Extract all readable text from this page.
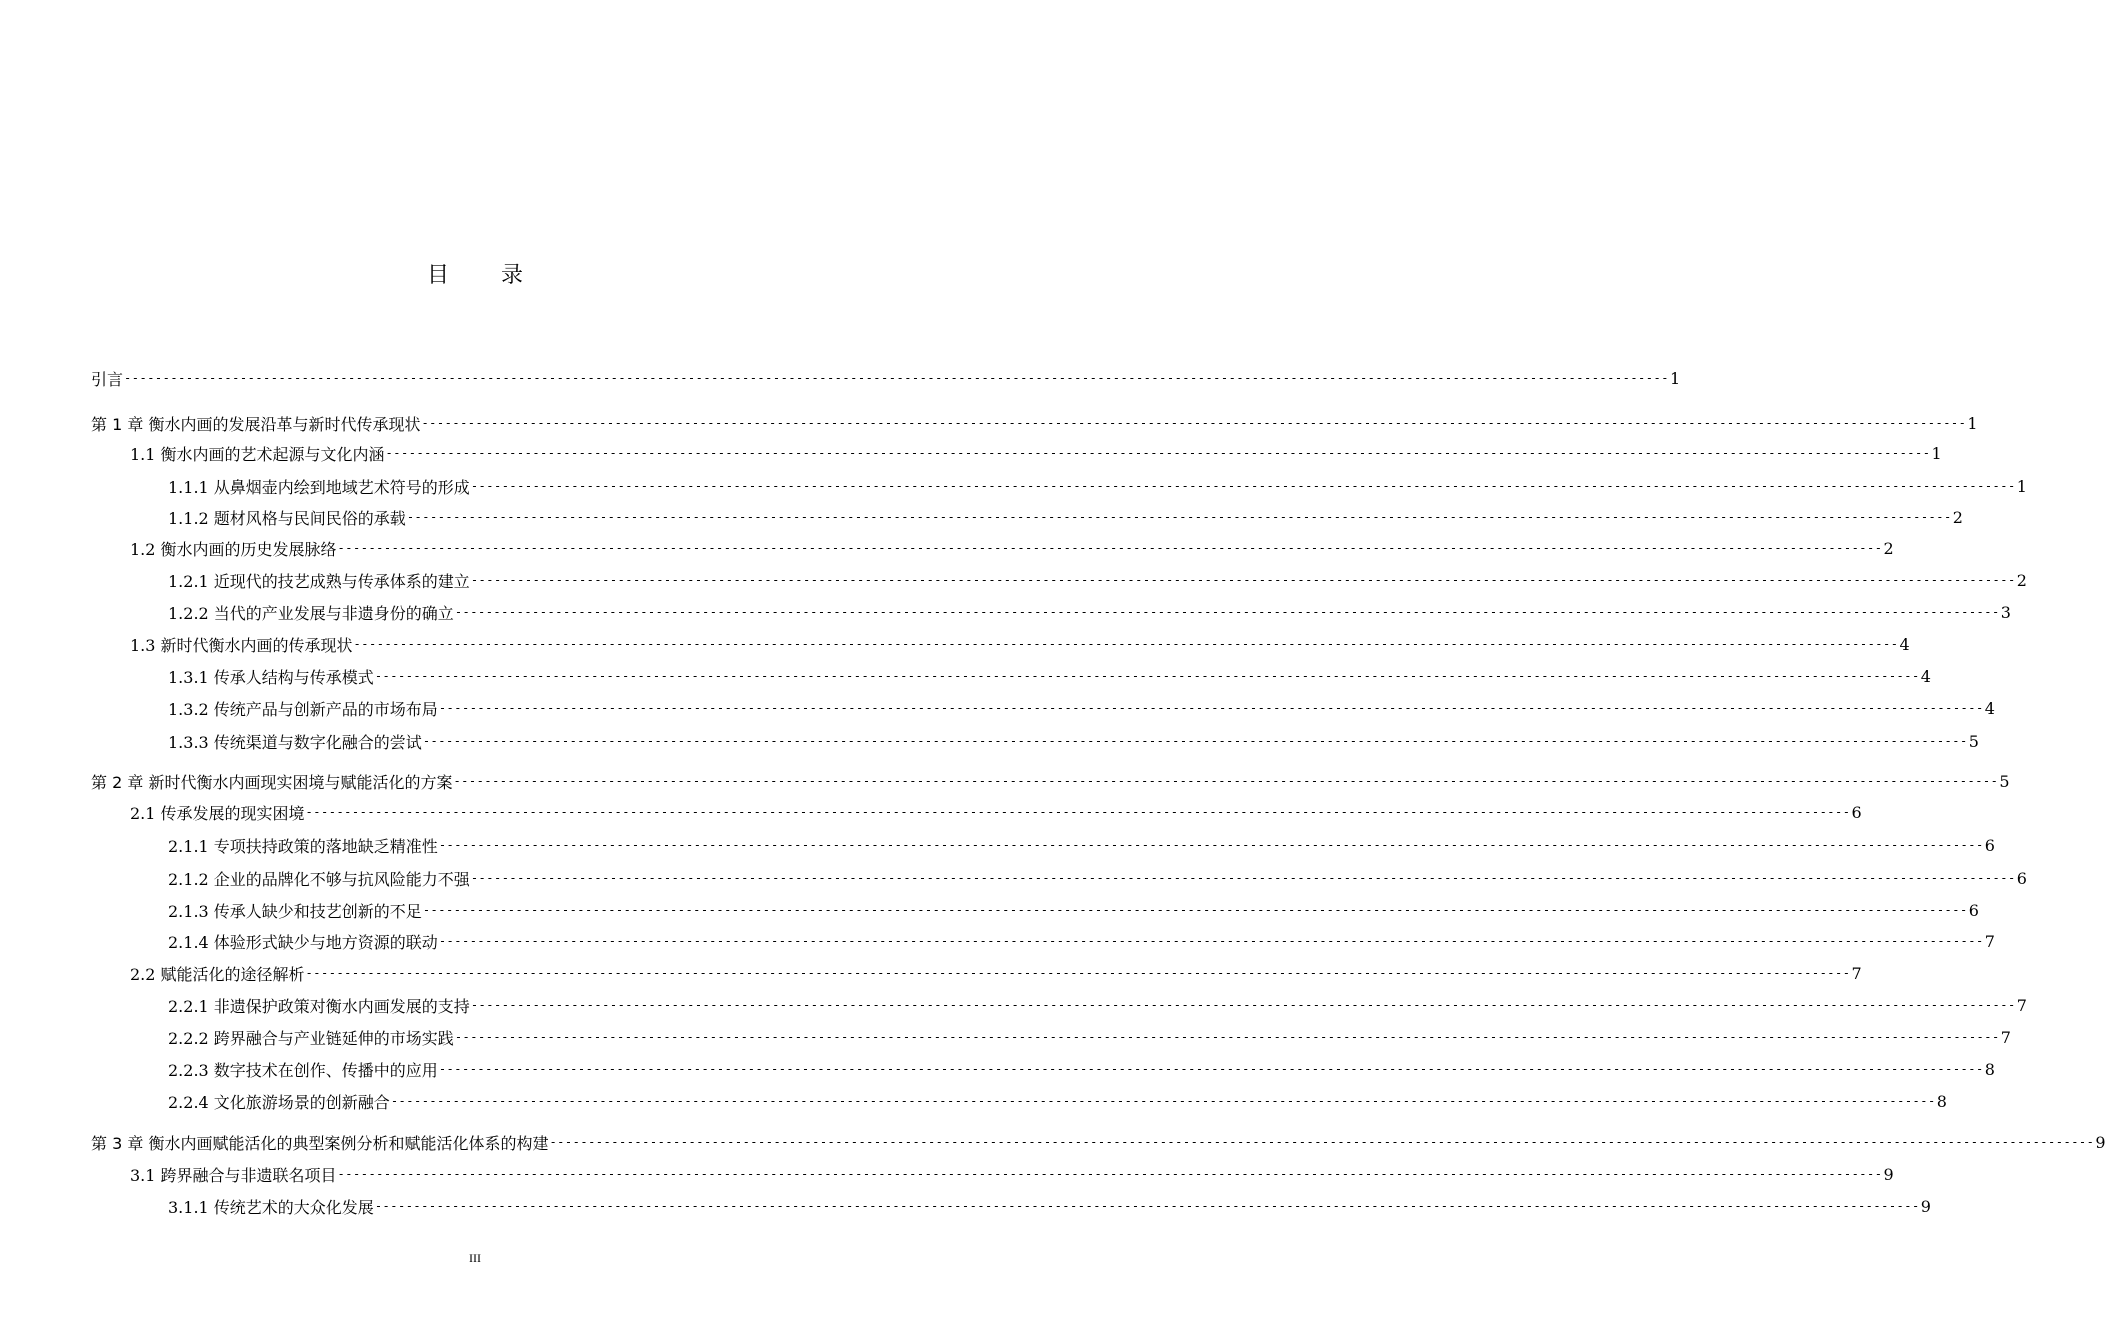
目 录
引言 -------------------------------------------------------------------------------------------------------------------------------------------------------------------------------------------------------- 1
第 1 章 衡水内画的发展沿革与新时代传承现状 -------------------------------------------------------------------------------------------------------------------------------------------------------------------------------------------------------- 1
1.1 衡水内画的艺术起源与文化内涵 -------------------------------------------------------------------------------------------------------------------------------------------------------------------------------------------------------- 1
1.1.1 从鼻烟壶内绘到地域艺术符号的形成 -------------------------------------------------------------------------------------------------------------------------------------------------------------------------------------------------------- 1
1.1.2 题材风格与民间民俗的承载 -------------------------------------------------------------------------------------------------------------------------------------------------------------------------------------------------------- 2
1.2 衡水内画的历史发展脉络 -------------------------------------------------------------------------------------------------------------------------------------------------------------------------------------------------------- 2
1.2.1 近现代的技艺成熟与传承体系的建立 -------------------------------------------------------------------------------------------------------------------------------------------------------------------------------------------------------- 2
1.2.2 当代的产业发展与非遗身份的确立 -------------------------------------------------------------------------------------------------------------------------------------------------------------------------------------------------------- 3
1.3 新时代衡水内画的传承现状 -------------------------------------------------------------------------------------------------------------------------------------------------------------------------------------------------------- 4
1.3.1 传承人结构与传承模式 -------------------------------------------------------------------------------------------------------------------------------------------------------------------------------------------------------- 4
1.3.2 传统产品与创新产品的市场布局 -------------------------------------------------------------------------------------------------------------------------------------------------------------------------------------------------------- 4
1.3.3 传统渠道与数字化融合的尝试 -------------------------------------------------------------------------------------------------------------------------------------------------------------------------------------------------------- 5
第 2 章 新时代衡水内画现实困境与赋能活化的方案 -------------------------------------------------------------------------------------------------------------------------------------------------------------------------------------------------------- 5
2.1 传承发展的现实困境 -------------------------------------------------------------------------------------------------------------------------------------------------------------------------------------------------------- 6
2.1.1 专项扶持政策的落地缺乏精准性 -------------------------------------------------------------------------------------------------------------------------------------------------------------------------------------------------------- 6
2.1.2 企业的品牌化不够与抗风险能力不强 -------------------------------------------------------------------------------------------------------------------------------------------------------------------------------------------------------- 6
2.1.3 传承人缺少和技艺创新的不足 -------------------------------------------------------------------------------------------------------------------------------------------------------------------------------------------------------- 6
2.1.4 体验形式缺少与地方资源的联动 -------------------------------------------------------------------------------------------------------------------------------------------------------------------------------------------------------- 7
2.2 赋能活化的途径解析 -------------------------------------------------------------------------------------------------------------------------------------------------------------------------------------------------------- 7
2.2.1 非遗保护政策对衡水内画发展的支持 -------------------------------------------------------------------------------------------------------------------------------------------------------------------------------------------------------- 7
2.2.2 跨界融合与产业链延伸的市场实践 -------------------------------------------------------------------------------------------------------------------------------------------------------------------------------------------------------- 7
2.2.3 数字技术在创作、传播中的应用 -------------------------------------------------------------------------------------------------------------------------------------------------------------------------------------------------------- 8
2.2.4 文化旅游场景的创新融合 -------------------------------------------------------------------------------------------------------------------------------------------------------------------------------------------------------- 8
第 3 章 衡水内画赋能活化的典型案例分析和赋能活化体系的构建 -------------------------------------------------------------------------------------------------------------------------------------------------------------------------------------------------------- 9
3.1 跨界融合与非遗联名项目 -------------------------------------------------------------------------------------------------------------------------------------------------------------------------------------------------------- 9
3.1.1 传统艺术的大众化发展 -------------------------------------------------------------------------------------------------------------------------------------------------------------------------------------------------------- 9
III
